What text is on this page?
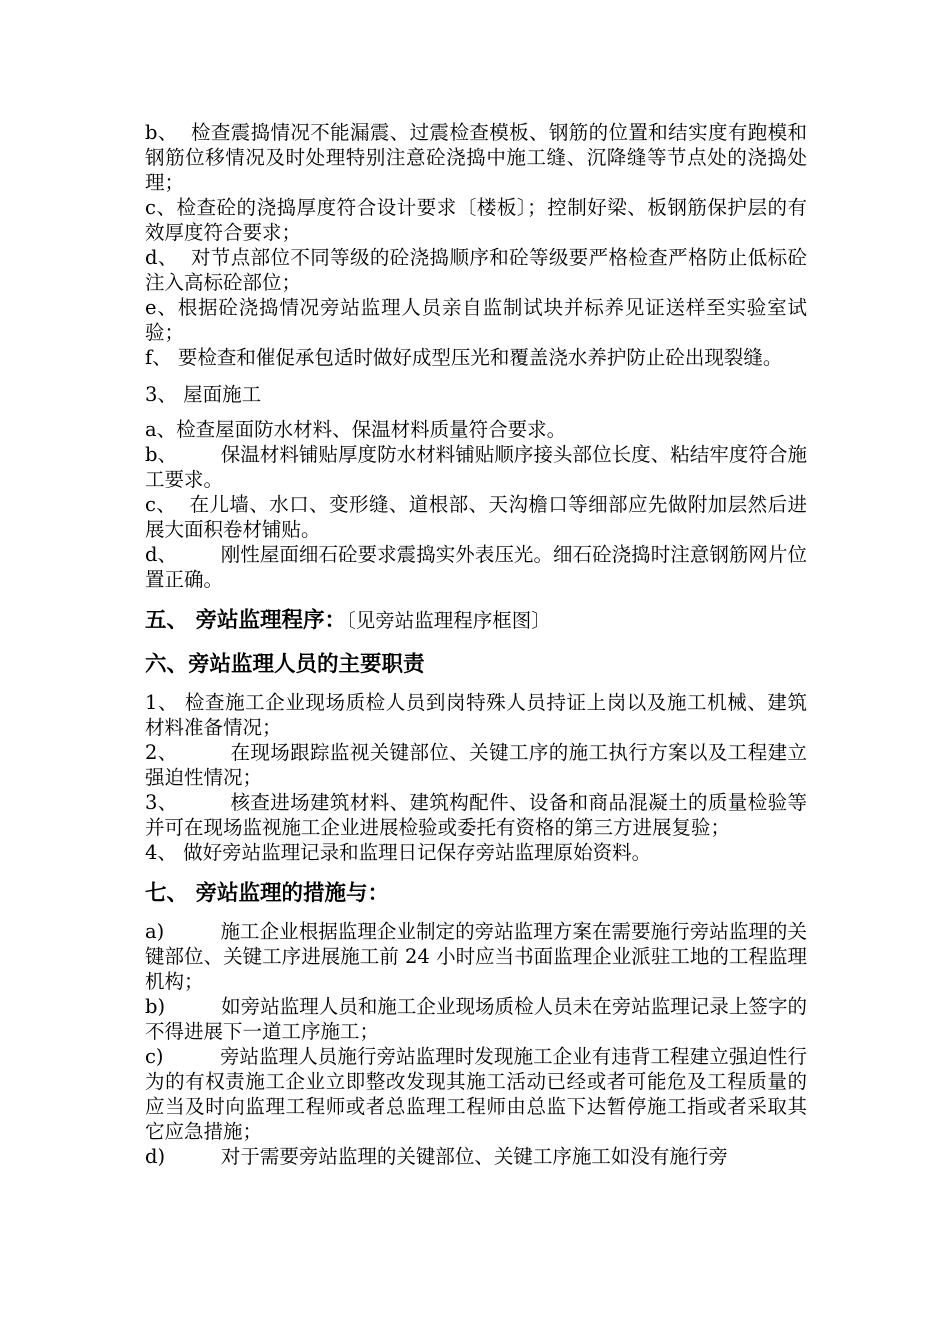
b、 检查震捣情况不能漏震、过震检查模板、钢筋的位置和结实度有跑模和钢筋位移情况及时处理特别注意砼浇捣中施工缝、沉降缝等节点处的浇捣处理；

c、检查砼的浇捣厚度符合设计要求〔楼板〕；控制好梁、板钢筋保护层的有效厚度符合要求；

d、 对节点部位不同等级的砼浇捣顺序和砼等级要严格检查严格防止低标砼注入高标砼部位；

e、根据砼浇捣情况旁站监理人员亲自监制试块并标养见证送样至实验室试验；

f、 要检查和催促承包适时做好成型压光和覆盖浇水养护防止砼出现裂缝。

3、 屋面施工

a、检查屋面防水材料、保温材料质量符合要求。

b、 保温材料铺贴厚度防水材料铺贴顺序接头部位长度、粘结牢度符合施工要求。

c、 在儿墙、水口、变形缝、道根部、天沟檐口等细部应先做附加层然后进展大面积卷材铺贴。

d、 刚性屋面细石砼要求震捣实外表压光。细石砼浇捣时注意钢筋网片位置正确。

五、 旁站监理程序：〔见旁站监理程序框图〕

六、旁站监理人员的主要职责

1、 检查施工企业现场质检人员到岗特殊人员持证上岗以及施工机械、建筑材料准备情况；

2、	在现场跟踪监视关键部位、关键工序的施工执行方案以及工程建立强迫性情况；

3、	核查进场建筑材料、建筑构配件、设备和商品混凝土的质量检验等并可在现场监视施工企业进展检验或委托有资格的第三方进展复验；

4、 做好旁站监理记录和监理日记保存旁站监理原始资料。

七、 旁站监理的措施与：

a)	施工企业根据监理企业制定的旁站监理方案在需要施行旁站监理的关键部位、关键工序进展施工前 24 小时应当书面监理企业派驻工地的工程监理机构；

b)	如旁站监理人员和施工企业现场质检人员未在旁站监理记录上签字的不得进展下一道工序施工；

c)	旁站监理人员施行旁站监理时发现施工企业有违背工程建立强迫性行为的有权责施工企业立即整改发现其施工活动已经或者可能危及工程质量的应当及时向监理工程师或者总监理工程师由总监下达暂停施工指或者采取其它应急措施；

d)	对于需要旁站监理的关键部位、关键工序施工如没有施行旁
